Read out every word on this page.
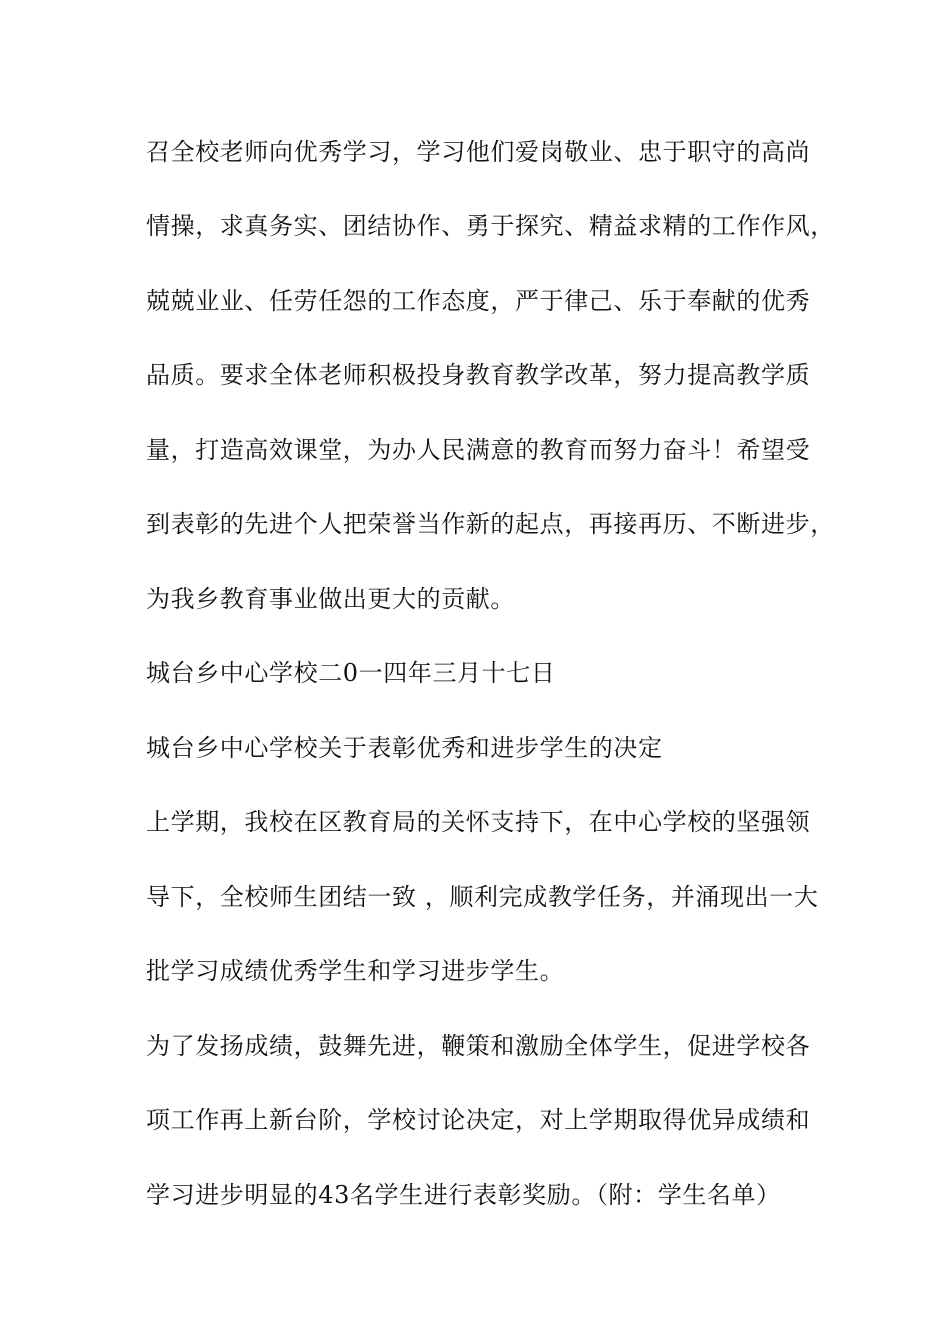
召全校老师向优秀学习，学习他们爱岗敬业、忠于职守的高尚
情操，求真务实、团结协作、勇于探究、精益求精的工作作风，
兢兢业业、任劳任怨的工作态度，严于律己、乐于奉献的优秀
品质。要求全体老师积极投身教育教学改革，努力提高教学质
量，打造高效课堂，为办人民满意的教育而努力奋斗！希望受
到表彰的先进个人把荣誉当作新的起点，再接再历、不断进步，
为我乡教育事业做出更大的贡献。
城台乡中心学校二0一四年三月十七日
城台乡中心学校关于表彰优秀和进步学生的决定
上学期，我校在区教育局的关怀支持下，在中心学校的坚强领
导下，全校师生团结一致 ，顺利完成教学任务，并涌现出一大
批学习成绩优秀学生和学习进步学生。
为了发扬成绩，鼓舞先进，鞭策和激励全体学生，促进学校各
项工作再上新台阶，学校讨论决定，对上学期取得优异成绩和
学习进步明显的43名学生进行表彰奖励。（附：学生名单）
